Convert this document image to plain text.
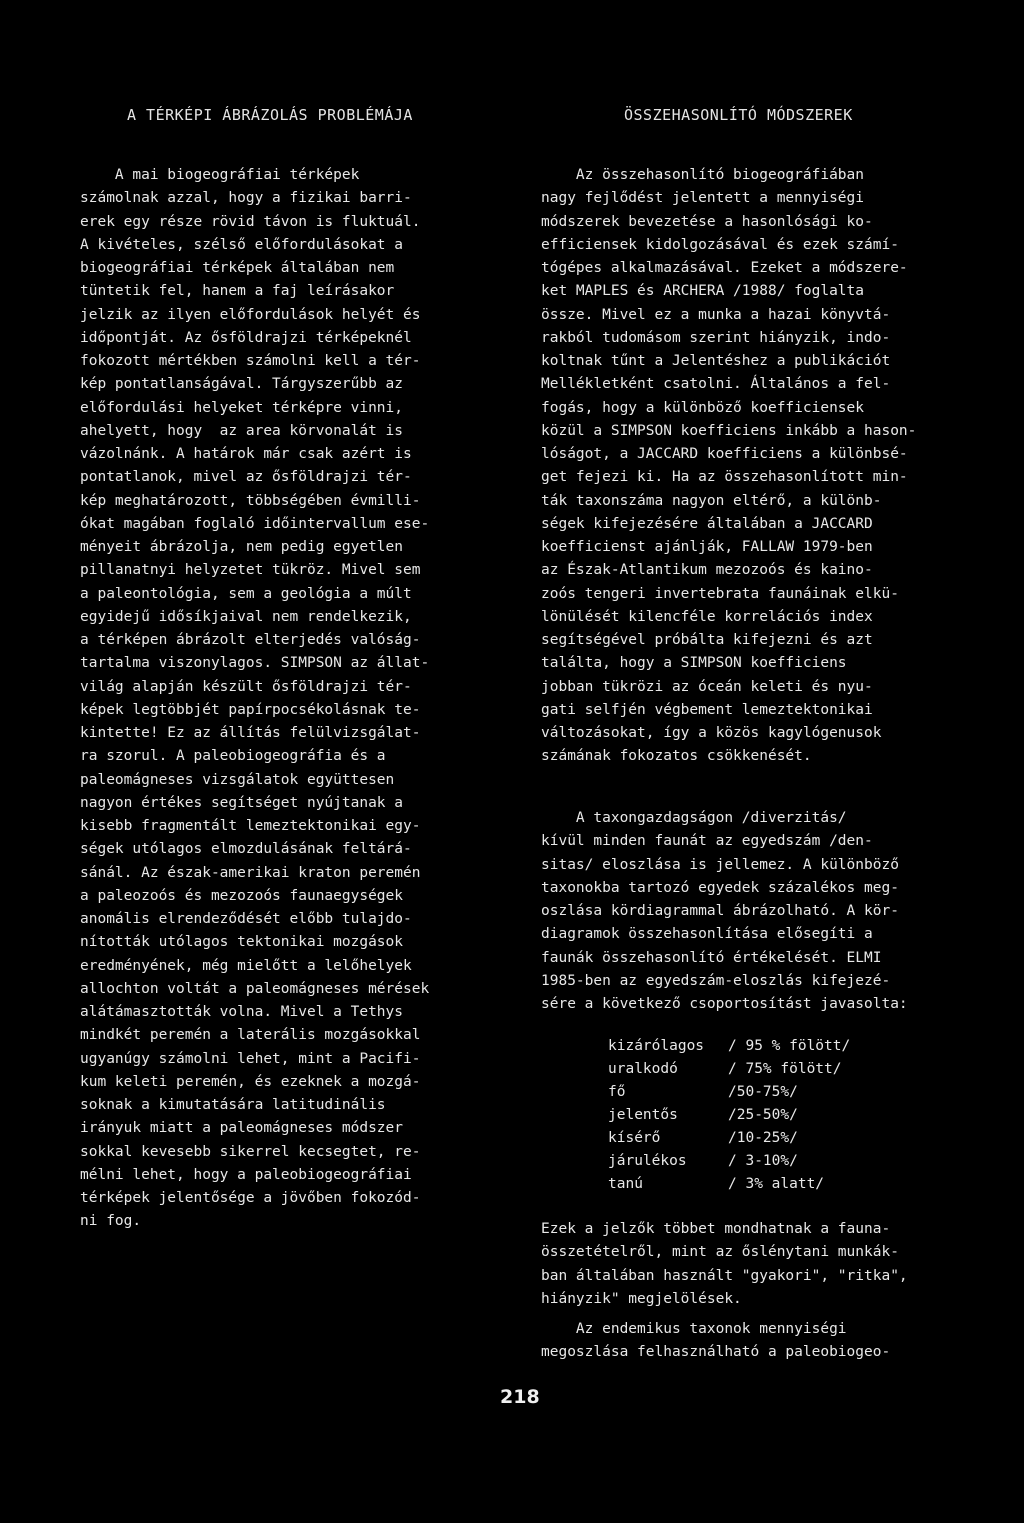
A TÉRKÉPI ÁBRÁZOLÁS PROBLÉMÁJA	ÖSSZEHASONLÍTÓ MÓDSZEREK
A mai biogeográfiai térképek
számolnak azzal, hogy a fizikai barri-
erek egy része rövid távon is fluktuál.
A kivételes, szélső előfordulásokat a
biogeográfiai térképek általában nem
tüntetik fel, hanem a faj leírásakor
jelzik az ilyen előfordulások helyét és
időpontját. Az ősföldrajzi térképeknél
fokozott mértékben számolni kell a tér-
kép pontatlanságával. Tárgyszerűbb az
előfordulási helyeket térképre vinni,
ahelyett, hogy  az area körvonalát is
vázolnánk. A határok már csak azért is
pontatlanok, mivel az ősföldrajzi tér-
kép meghatározott, többségében évmilli-
ókat magában foglaló időintervallum ese-
ményeit ábrázolja, nem pedig egyetlen
pillanatnyi helyzetet tükröz. Mivel sem
a paleontológia, sem a geológia a múlt
egyidejű idősíkjaival nem rendelkezik,
a térképen ábrázolt elterjedés valóság-
tartalma viszonylagos. SIMPSON az állat-
világ alapján készült ősföldrajzi tér-
képek legtöbbjét papírpocsékolásnak te-
kintette! Ez az állítás felülvizsgálat-
ra szorul. A paleobiogeográfia és a
paleomágneses vizsgálatok együttesen
nagyon értékes segítséget nyújtanak a
kisebb fragmentált lemeztektonikai egy-
ségek utólagos elmozdulásának feltárá-
sánál. Az észak-amerikai kraton peremén
a paleozoós és mezozoós faunaegységek
anomális elrendeződését előbb tulajdo-
nították utólagos tektonikai mozgások
eredményének, még mielőtt a lelőhelyek
allochton voltát a paleomágneses mérések
alátámasztották volna. Mivel a Tethys
mindkét peremén a laterális mozgásokkal
ugyanúgy számolni lehet, mint a Pacifi-
kum keleti peremén, és ezeknek a mozgá-
soknak a kimutatására latitudinális
irányuk miatt a paleomágneses módszer
sokkal kevesebb sikerrel kecsegtet, re-
mélni lehet, hogy a paleobiogeográfiai
térképek jelentősége a jövőben fokozód-
ni fog.
Az összehasonlító biogeográfiában
nagy fejlődést jelentett a mennyiségi
módszerek bevezetése a hasonlósági ko-
efficiensek kidolgozásával és ezek számí-
tógépes alkalmazásával. Ezeket a módszere-
ket MAPLES és ARCHERA /1988/ foglalta
össze. Mivel ez a munka a hazai könyvtá-
rakból tudomásom szerint hiányzik, indo-
koltnak tűnt a Jelentéshez a publikációt
Mellékletként csatolni. Általános a fel-
fogás, hogy a különböző koefficiensek
közül a SIMPSON koefficiens inkább a hason-
lóságot, a JACCARD koefficiens a különbsé-
get fejezi ki. Ha az összehasonlított min-
ták taxonszáma nagyon eltérő, a különb-
ségek kifejezésére általában a JACCARD
koefficienst ajánlják, FALLAW 1979-ben
az Észak-Atlantikum mezozoós és kaino-
zoós tengeri invertebrata faunáinak elkü-
lönülését kilencféle korrelációs index
segítségével próbálta kifejezni és azt
találta, hogy a SIMPSON koefficiens
jobban tükrözi az óceán keleti és nyu-
gati selfjén végbement lemeztektonikai
változásokat, így a közös kagylógenusok
számának fokozatos csökkenését.
A taxongazdagságon /diverzitás/
kívül minden faunát az egyedszám /den-
sitas/ eloszlása is jellemez. A különböző
taxonokba tartozó egyedek százalékos meg-
oszlása kördiagrammal ábrázolható. A kör-
diagramok összehasonlítása elősegíti a
faunák összehasonlító értékelését. ELMI
1985-ben az egyedszám-eloszlás kifejezé-
sére a következő csoportosítást javasolta:
kizárólagos / 95 % fölött/
uralkodó	/ 75% fölött/
fő	/50-75%/
jelentős	/25-50%/
kísérő	/10-25%/
járulékos	/ 3-10%/
tanú	/ 3% alatt/
Ezek a jelzők többet mondhatnak a fauna-
összetételről, mint az őslénytani munkák-
ban általában használt "gyakori", "ritka",
hiányzik" megjelölések.
Az endemikus taxonok mennyiségi
megoszlása felhasználható a paleobiogeo-
218
